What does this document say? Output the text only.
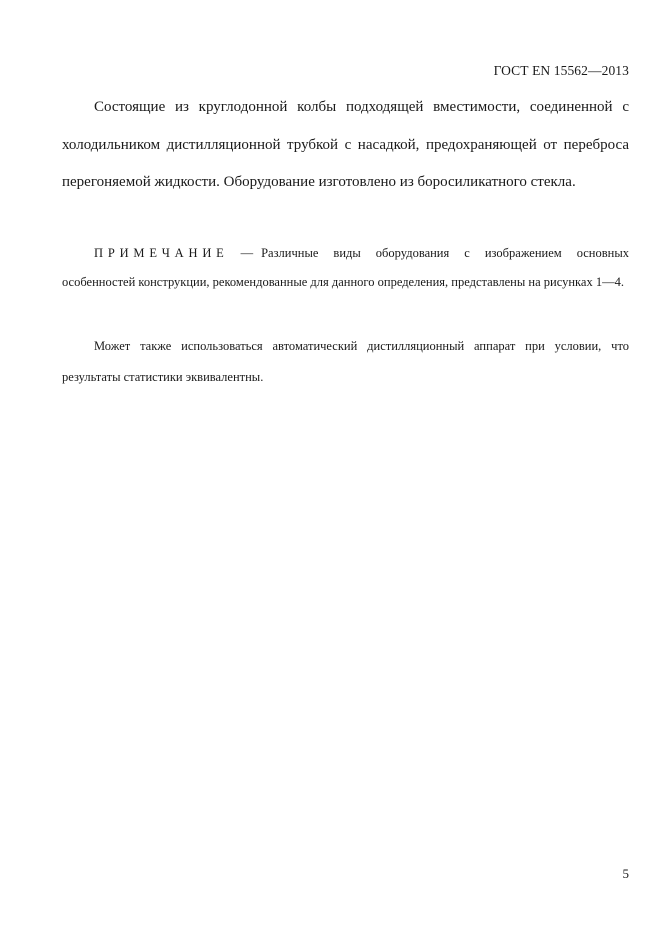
ГОСТ EN 15562—2013

Состоящие из круглодонной колбы подходящей вместимости, соединенной с холодильником дистилляционной трубкой с насадкой, предохраняющей от переброса перегоняемой жидкости. Оборудование изготовлено из боросиликатного стекла.

ПРИМЕЧАНИЕ — Различные виды оборудования с изображением основных особенностей конструкции, рекомендованные для данного определения, представлены на рисунках 1—4.

Может также использоваться автоматический дистилляционный аппарат при условии, что результаты статистики эквивалентны.

5
